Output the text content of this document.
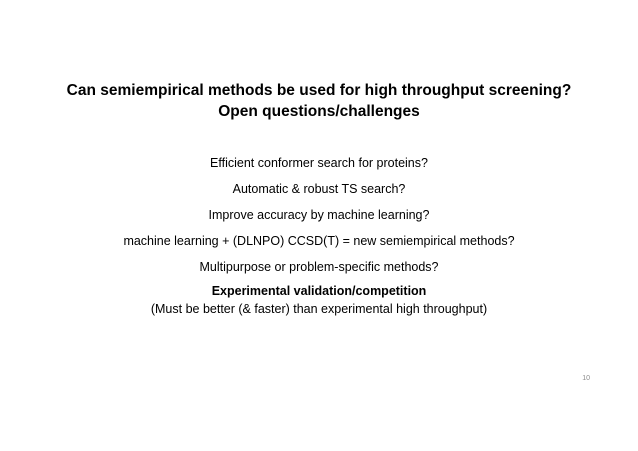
Can semiempirical methods be used for high throughput screening?
Open questions/challenges
Efficient conformer search for proteins?
Automatic & robust TS search?
Improve accuracy by machine learning?
machine learning + (DLNPO) CCSD(T) = new semiempirical methods?
Multipurpose or problem-specific methods?
Experimental validation/competition
(Must be better (& faster) than experimental high throughput)
10
